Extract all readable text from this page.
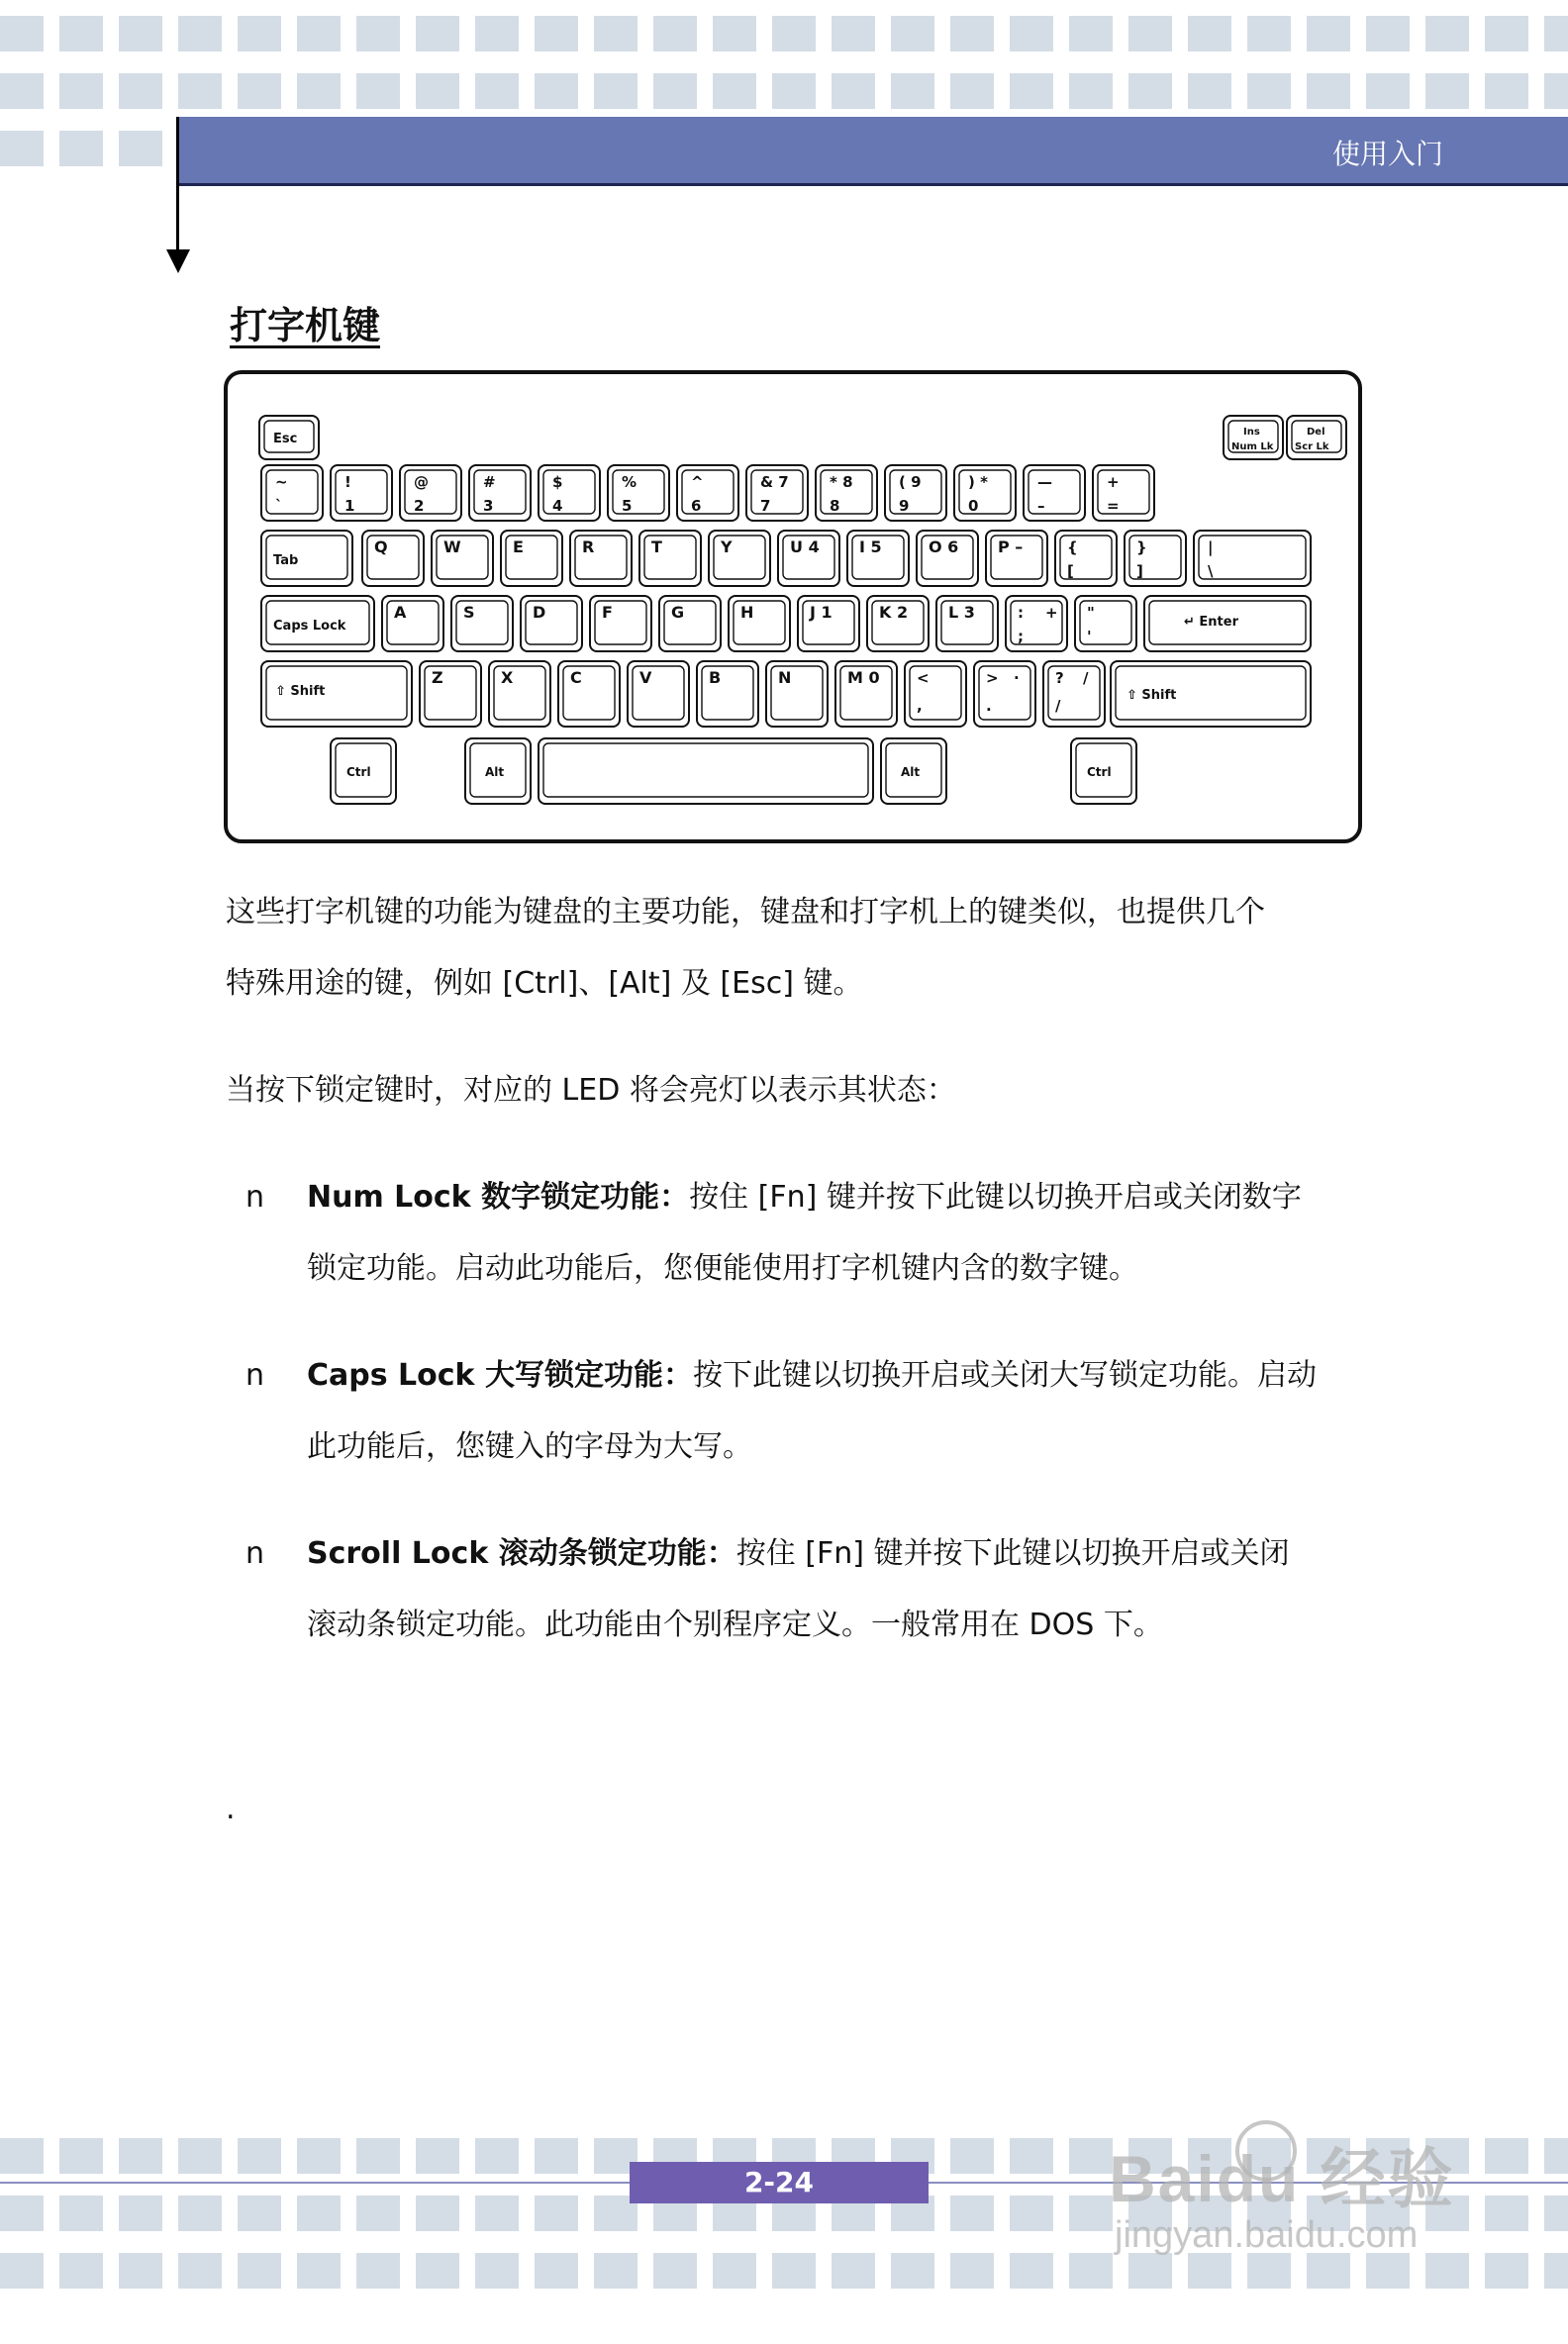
使用入门
打字机键
Esc	Ins
Num Lk
Del
Scr Lk
~
`
!
1
@
2
#
3
$
4
%
5
^
6
& 7
7
* 8
8
( 9
9
) *
0
—
–
+
=
Tab
Q	W	E	R	T	Y	U 4	I 5	O 6 P –	{
[
}
]
|
\
Caps Lock
A	S	D	F	G	H	J 1	K 2	L 3	:
;
+ "
'
↵ Enter
⇧ Shift
Z	X	C	V	B	N	M 0 <
,
>
.
· ?
/
/
⇧ Shift
Ctrl	Alt	Alt	Ctrl
这些打字机键的功能为键盘的主要功能，键盘和打字机上的键类似，也提供几个
特殊用途的键，例如 [Ctrl]、[Alt] 及 [Esc] 键。
当按下锁定键时，对应的 LED 将会亮灯以表示其状态：
n Num Lock 数字锁定功能：按住 [Fn] 键并按下此键以切换开启或关闭数字
锁定功能。启动此功能后，您便能使用打字机键内含的数字键。
n Caps Lock 大写锁定功能：按下此键以切换开启或关闭大写锁定功能。启动
此功能后，您键入的字母为大写。
n Scroll Lock 滚动条锁定功能：按住 [Fn] 键并按下此键以切换开启或关闭
滚动条锁定功能。此功能由个别程序定义。一般常用在 DOS 下。
.
2-24	Baidu 经验
jingyan.baidu.com
